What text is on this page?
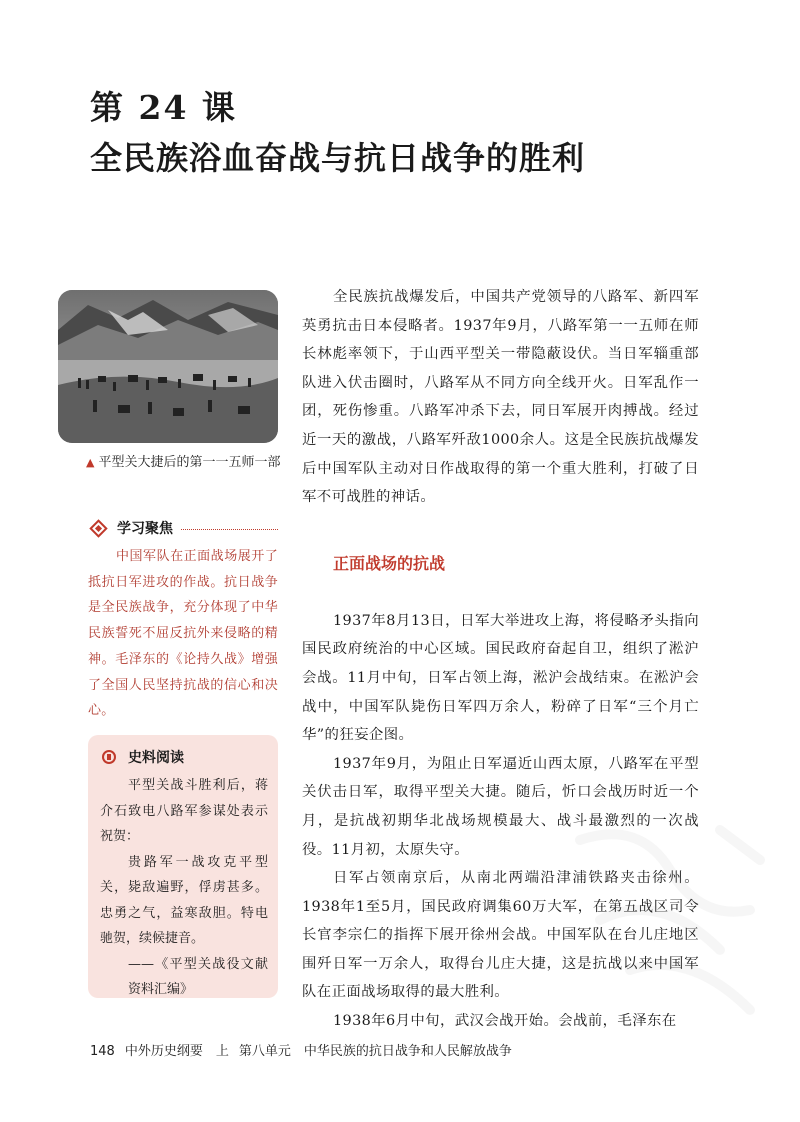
第 24 课
全民族浴血奋战与抗日战争的胜利
▲ 平型关大捷后的第一一五师一部
学习聚焦
中国军队在正面战场展开了抵抗日军进攻的作战。抗日战争是全民族战争，充分体现了中华民族誓死不屈反抗外来侵略的精神。毛泽东的《论持久战》增强了全国人民坚持抗战的信心和决心。
史料阅读

平型关战斗胜利后，蒋介石致电八路军参谋处表示祝贺：

贵路军一战攻克平型关，毙敌遍野，俘虏甚多。忠勇之气，益寒敌胆。特电驰贺，续候捷音。

——《平型关战役文献资料汇编》

全民族抗战爆发后，中国共产党领导的八路军、新四军英勇抗击日本侵略者。1937年9月，八路军第一一五师在师长林彪率领下，于山西平型关一带隐蔽设伏。当日军辎重部队进入伏击圈时，八路军从不同方向全线开火。日军乱作一团，死伤惨重。八路军冲杀下去，同日军展开肉搏战。经过近一天的激战，八路军歼敌1000余人。这是全民族抗战爆发后中国军队主动对日作战取得的第一个重大胜利，打破了日军不可战胜的神话。

正面战场的抗战

1937年8月13日，日军大举进攻上海，将侵略矛头指向国民政府统治的中心区域。国民政府奋起自卫，组织了淞沪会战。11月中旬，日军占领上海，淞沪会战结束。在淞沪会战中，中国军队毙伤日军四万余人，粉碎了日军“三个月亡华”的狂妄企图。

1937年9月，为阻止日军逼近山西太原，八路军在平型关伏击日军，取得平型关大捷。随后，忻口会战历时近一个月，是抗战初期华北战场规模最大、战斗最激烈的一次战役。11月初，太原失守。

日军占领南京后，从南北两端沿津浦铁路夹击徐州。1938年1至5月，国民政府调集60万大军，在第五战区司令长官李宗仁的指挥下展开徐州会战。中国军队在台儿庄地区围歼日军一万余人，取得台儿庄大捷，这是抗战以来中国军队在正面战场取得的最大胜利。

1938年6月中旬，武汉会战开始。会战前，毛泽东在

148 中外历史纲要　上 第八单元　中华民族的抗日战争和人民解放战争
